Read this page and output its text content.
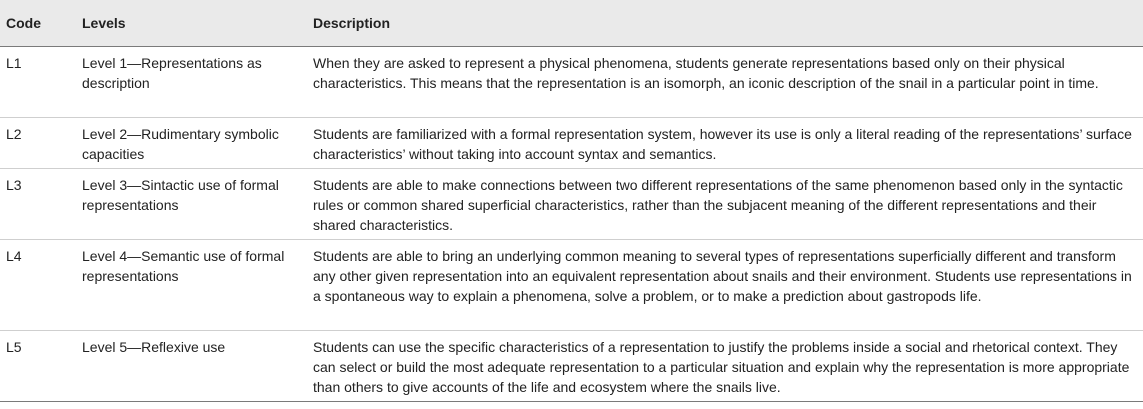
Code	Levels	Description
L1	Level 1—Representations as description	When they are asked to represent a physical phenomena, students generate representations based only on their physical characteristics. This means that the representation is an isomorph, an iconic description of the snail in a particular point in time.
L2	Level 2—Rudimentary symbolic capacities	Students are familiarized with a formal representation system, however its use is only a literal reading of the representations’ surface characteristics’ without taking into account syntax and semantics.
L3	Level 3—Sintactic use of formal representations	Students are able to make connections between two different representations of the same phenomenon based only in the syntactic rules or common shared superficial characteristics, rather than the subjacent meaning of the different representations and their shared characteristics.
L4	Level 4—Semantic use of formal representations	Students are able to bring an underlying common meaning to several types of representations superficially different and transform any other given representation into an equivalent representation about snails and their environment. Students use representations in a spontaneous way to explain a phenomena, solve a problem, or to make a prediction about gastropods life.
L5	Level 5—Reflexive use	Students can use the specific characteristics of a representation to justify the problems inside a social and rhetorical context. They can select or build the most adequate representation to a particular situation and explain why the representation is more appropriate than others to give accounts of the life and ecosystem where the snails live.
